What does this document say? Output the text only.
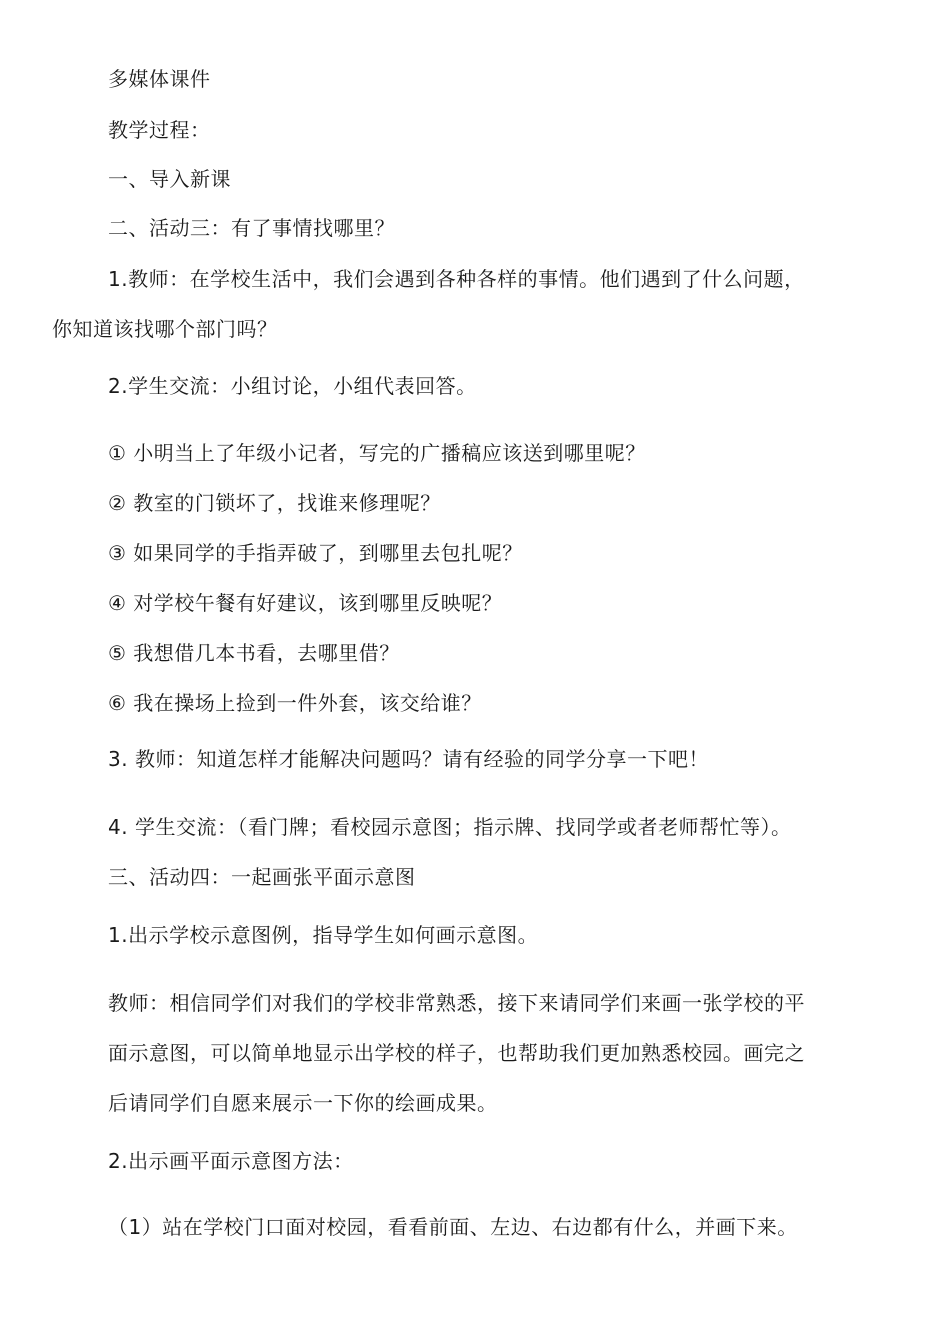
多媒体课件
教学过程：
一、导入新课
二、活动三：有了事情找哪里？
1.教师：在学校生活中，我们会遇到各种各样的事情。他们遇到了什么问题，
你知道该找哪个部门吗？
2.学生交流：小组讨论，小组代表回答。
① 小明当上了年级小记者，写完的广播稿应该送到哪里呢？
② 教室的门锁坏了，找谁来修理呢？
③ 如果同学的手指弄破了，到哪里去包扎呢？
④ 对学校午餐有好建议，该到哪里反映呢？
⑤ 我想借几本书看，去哪里借？
⑥ 我在操场上捡到一件外套，该交给谁？
3. 教师：知道怎样才能解决问题吗？请有经验的同学分享一下吧！
4. 学生交流：（看门牌；看校园示意图；指示牌、找同学或者老师帮忙等）。
三、活动四：一起画张平面示意图
1.出示学校示意图例，指导学生如何画示意图。
教师：相信同学们对我们的学校非常熟悉，接下来请同学们来画一张学校的平
面示意图，可以简单地显示出学校的样子，也帮助我们更加熟悉校园。画完之
后请同学们自愿来展示一下你的绘画成果。
2.出示画平面示意图方法：
（1）站在学校门口面对校园，看看前面、左边、右边都有什么，并画下来。
